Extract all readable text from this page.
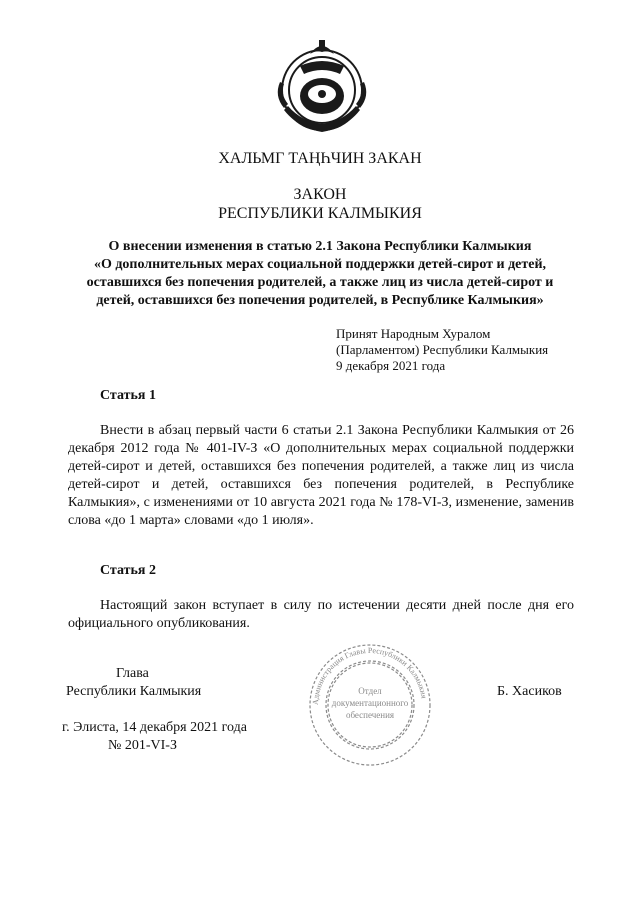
ХАЛЬМГ ТАҢҺЧИН ЗАКАН
ЗАКОН
РЕСПУБЛИКИ КАЛМЫКИЯ
О внесении изменения в статью 2.1 Закона Республики Калмыкия
«О дополнительных мерах социальной поддержки детей-сирот и детей,
оставшихся без попечения родителей, а также лиц из числа детей-сирот и
детей, оставшихся без попечения родителей, в Республике Калмыкия»
Принят Народным Хуралом
(Парламентом) Республики Калмыкия
9 декабря 2021 года
Статья 1
Внести в абзац первый части 6 статьи 2.1 Закона Республики Калмыкия от 26 декабря 2012 года № 401-IV-З «О дополнительных мерах социальной поддержки детей-сирот и детей, оставшихся без попечения родителей, а также лиц из числа детей-сирот и детей, оставшихся без попечения родителей, в Республике Калмыкия», с изменениями от 10 августа 2021 года № 178-VI-З, изменение, заменив слова «до 1 марта» словами «до 1 июля».
Статья 2
Настоящий закон вступает в силу по истечении десяти дней после дня его официального опубликования.
Администрация Главы Республики Калмыкия
Отдел
документационного
обеспечения
Глава
Республики Калмыкия	Б. Хасиков
г. Элиста, 14 декабря 2021 года
№ 201-VI-З
